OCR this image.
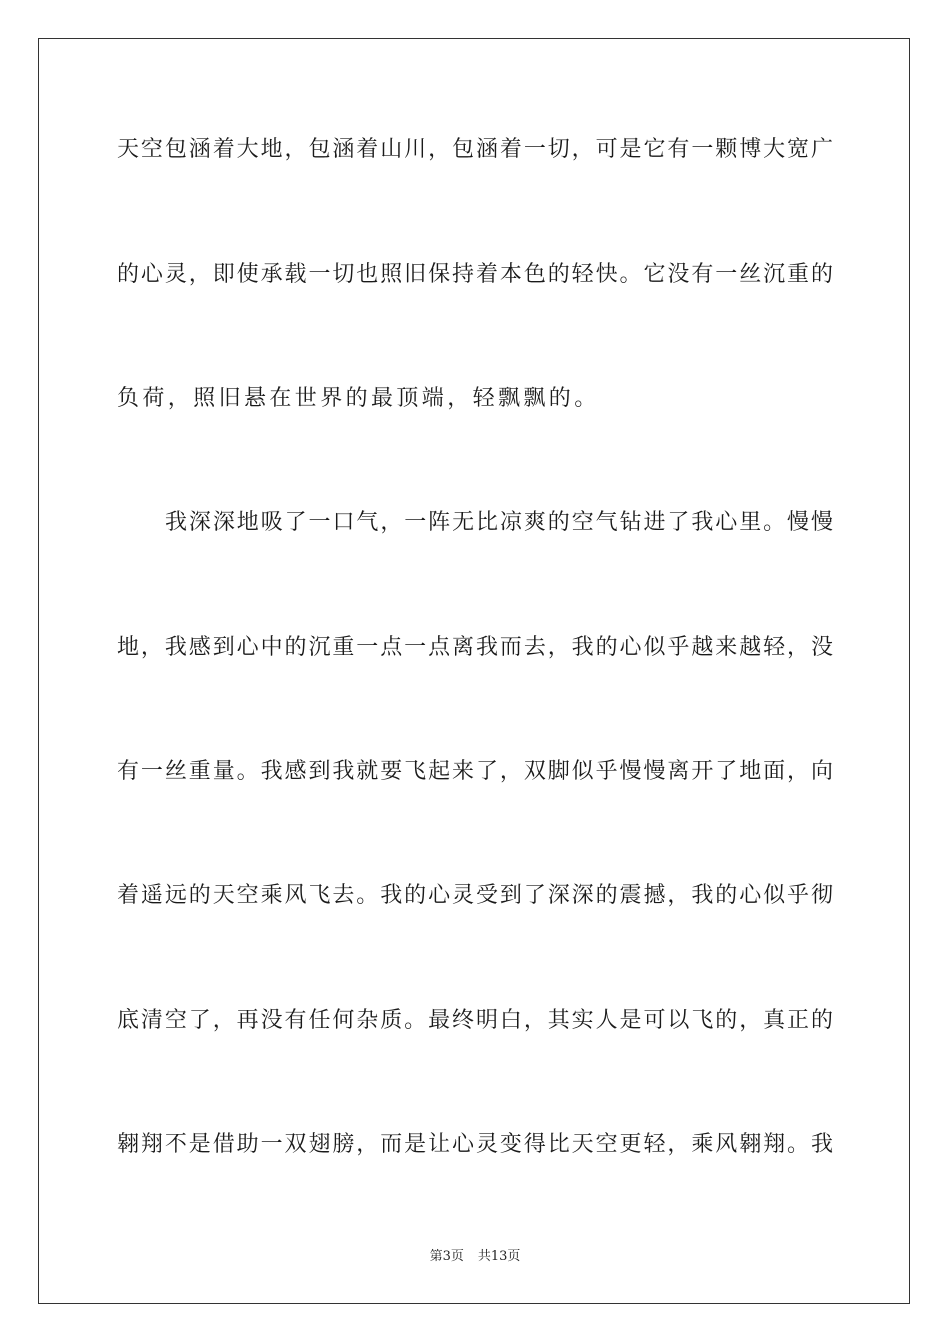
天空包涵着大地，包涵着山川，包涵着一切，可是它有一颗博大宽广
的心灵，即使承载一切也照旧保持着本色的轻快。它没有一丝沉重的
负荷，照旧悬在世界的最顶端，轻飘飘的。
我深深地吸了一口气，一阵无比凉爽的空气钻进了我心里。慢慢
地，我感到心中的沉重一点一点离我而去，我的心似乎越来越轻，没
有一丝重量。我感到我就要飞起来了，双脚似乎慢慢离开了地面，向
着遥远的天空乘风飞去。我的心灵受到了深深的震撼，我的心似乎彻
底清空了，再没有任何杂质。最终明白，其实人是可以飞的，真正的
翱翔不是借助一双翅膀，而是让心灵变得比天空更轻，乘风翱翔。我
第3页 共13页
